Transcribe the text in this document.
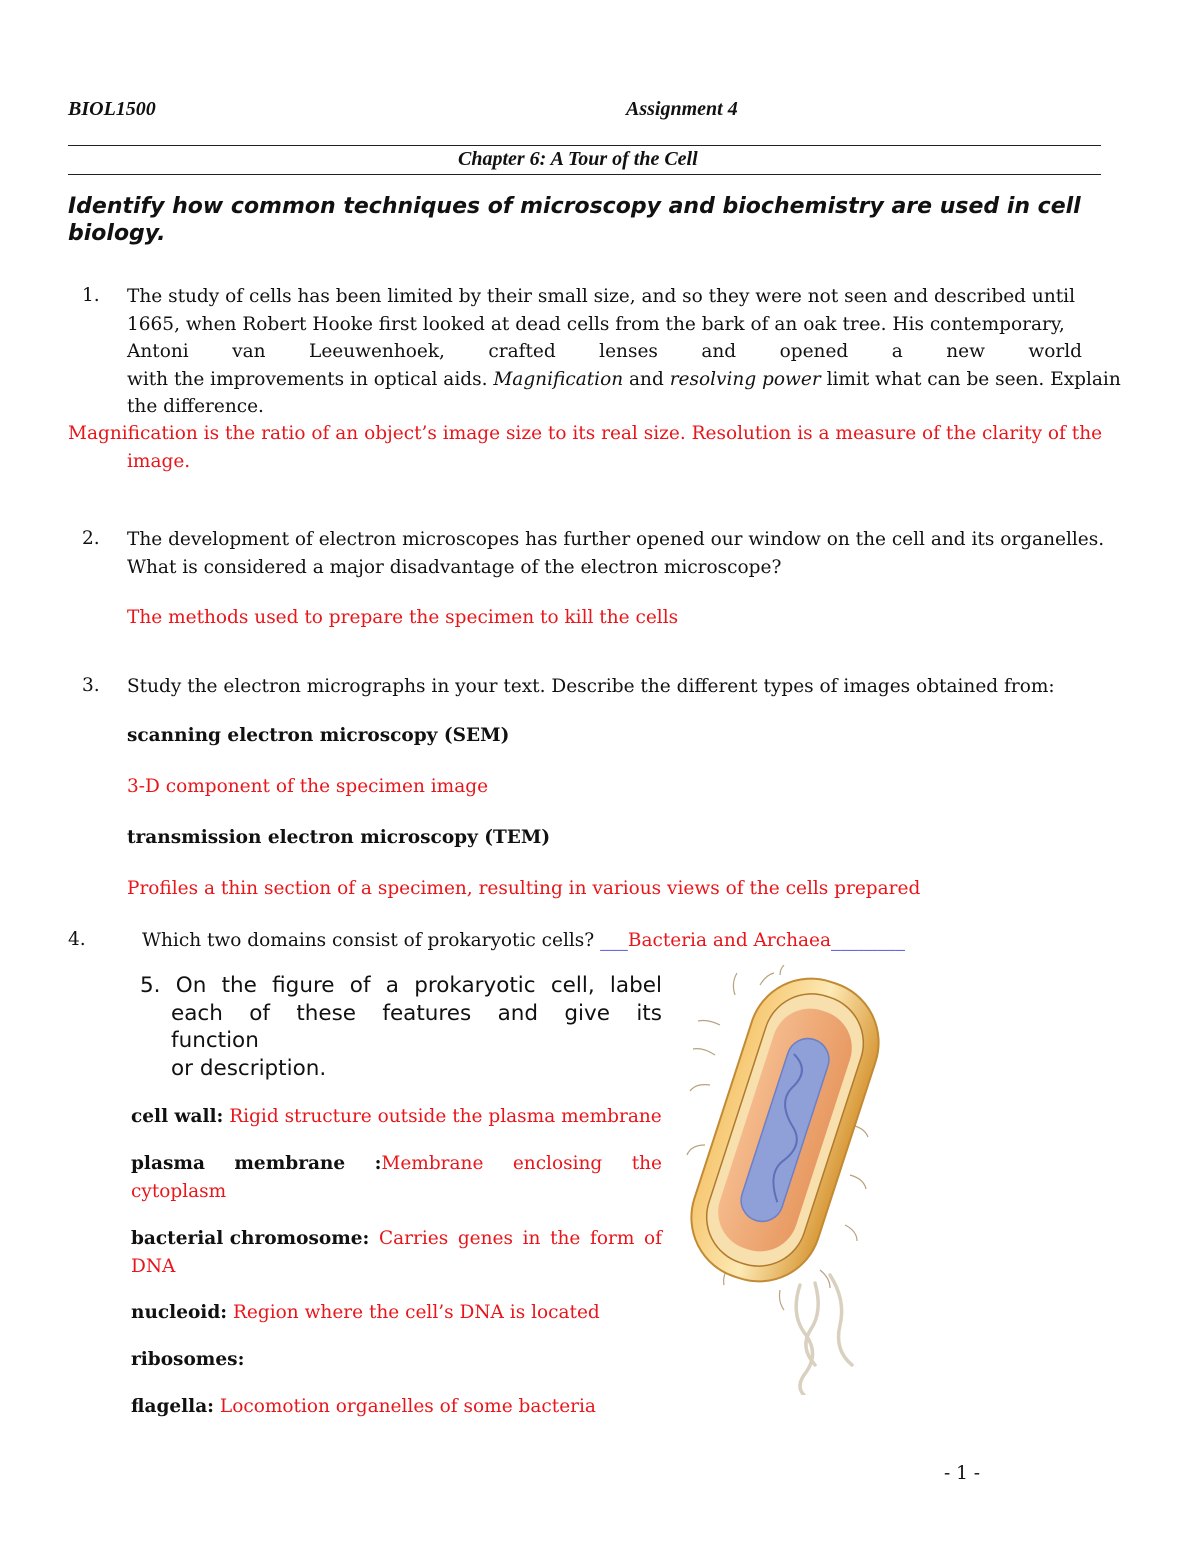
BIOL1500	Assignment 4
Chapter 6: A Tour of the Cell
Identify how common techniques of microscopy and biochemistry are used in cell biology.
1. The study of cells has been limited by their small size, and so they were not seen and described until
1665, when Robert Hooke first looked at dead cells from the bark of an oak tree. His contemporary,
Antoni van Leeuwenhoek, crafted lenses and opened a new world
with the improvements in optical aids. Magnification and resolving power limit what can be seen. Explain
the difference.
Magnification is the ratio of an object’s image size to its real size. Resolution is a measure of the clarity of the
image.
2. The development of electron microscopes has further opened our window on the cell and its organelles.
What is considered a major disadvantage of the electron microscope?
The methods used to prepare the specimen to kill the cells
3. Study the electron micrographs in your text. Describe the different types of images obtained from:
scanning electron microscopy (SEM)
3-D component of the specimen image
transmission electron microscopy (TEM)
Profiles a thin section of a specimen, resulting in various views of the cells prepared
4.	Which two domains consist of prokaryotic cells? ___Bacteria and Archaea________
5. On the figure of a prokaryotic cell, label
each of these features and give its
function
or description.
cell wall: Rigid structure outside the plasma membrane
plasma membrane :Membrane enclosing the
cytoplasm
bacterial chromosome: Carries genes in the form of
DNA
nucleoid: Region where the cell’s DNA is located
ribosomes:
flagella: Locomotion organelles of some bacteria
- 1 -
